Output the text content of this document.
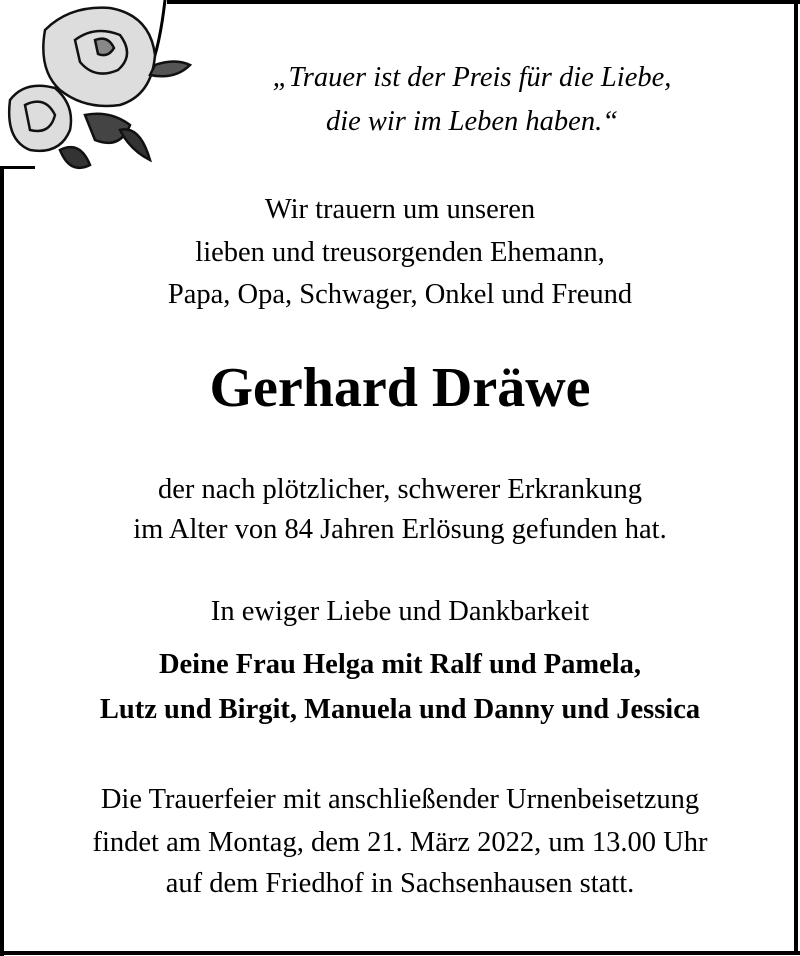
„Trauer ist der Preis für die Liebe,
die wir im Leben haben.“
Wir trauern um unseren
lieben und treusorgenden Ehemann,
Papa, Opa, Schwager, Onkel und Freund
Gerhard Dräwe
der nach plötzlicher, schwerer Erkrankung
im Alter von 84 Jahren Erlösung gefunden hat.
In ewiger Liebe und Dankbarkeit
Deine Frau Helga mit Ralf und Pamela,
Lutz und Birgit, Manuela und Danny und Jessica
Die Trauerfeier mit anschließender Urnenbeisetzung
findet am Montag, dem 21. März 2022, um 13.00 Uhr
auf dem Friedhof in Sachsenhausen statt.
